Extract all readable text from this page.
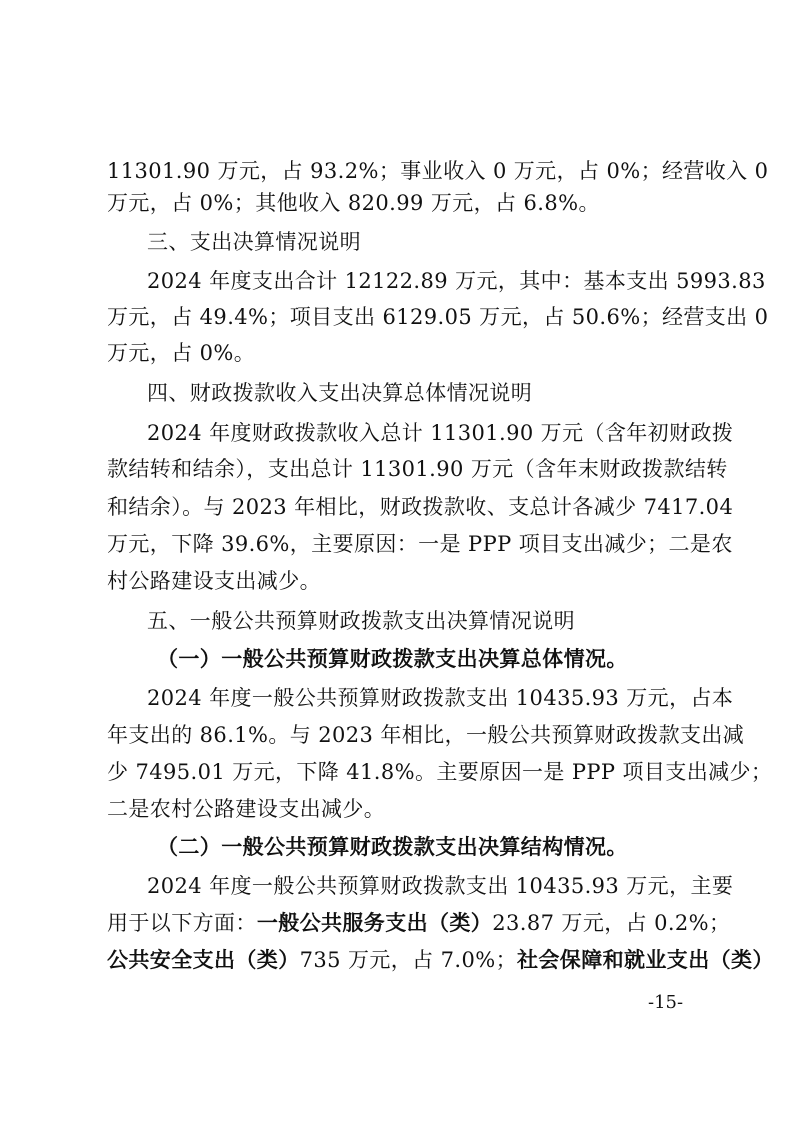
11301.90 万元，占 93.2%；事业收入 0 万元，占 0%；经营收入 0
万元，占 0%；其他收入 820.99 万元，占 6.8%。
三、支出决算情况说明
2024 年度支出合计 12122.89 万元，其中：基本支出 5993.83
万元，占 49.4%；项目支出 6129.05 万元，占 50.6%；经营支出 0
万元，占 0%。
四、财政拨款收入支出决算总体情况说明
2024 年度财政拨款收入总计 11301.90 万元（含年初财政拨
款结转和结余），支出总计 11301.90 万元（含年末财政拨款结转
和结余）。与 2023 年相比，财政拨款收、支总计各减少 7417.04
万元，下降 39.6%，主要原因：一是 PPP 项目支出减少；二是农
村公路建设支出减少。
五、一般公共预算财政拨款支出决算情况说明
（一）一般公共预算财政拨款支出决算总体情况。
2024 年度一般公共预算财政拨款支出 10435.93 万元，占本
年支出的 86.1%。与 2023 年相比，一般公共预算财政拨款支出减
少 7495.01 万元，下降 41.8%。主要原因一是 PPP 项目支出减少；
二是农村公路建设支出减少。
（二）一般公共预算财政拨款支出决算结构情况。
2024 年度一般公共预算财政拨款支出 10435.93 万元，主要
用于以下方面：一般公共服务支出（类）23.87 万元，占 0.2%；
公共安全支出（类）735 万元，占 7.0%；社会保障和就业支出（类）
-15-
